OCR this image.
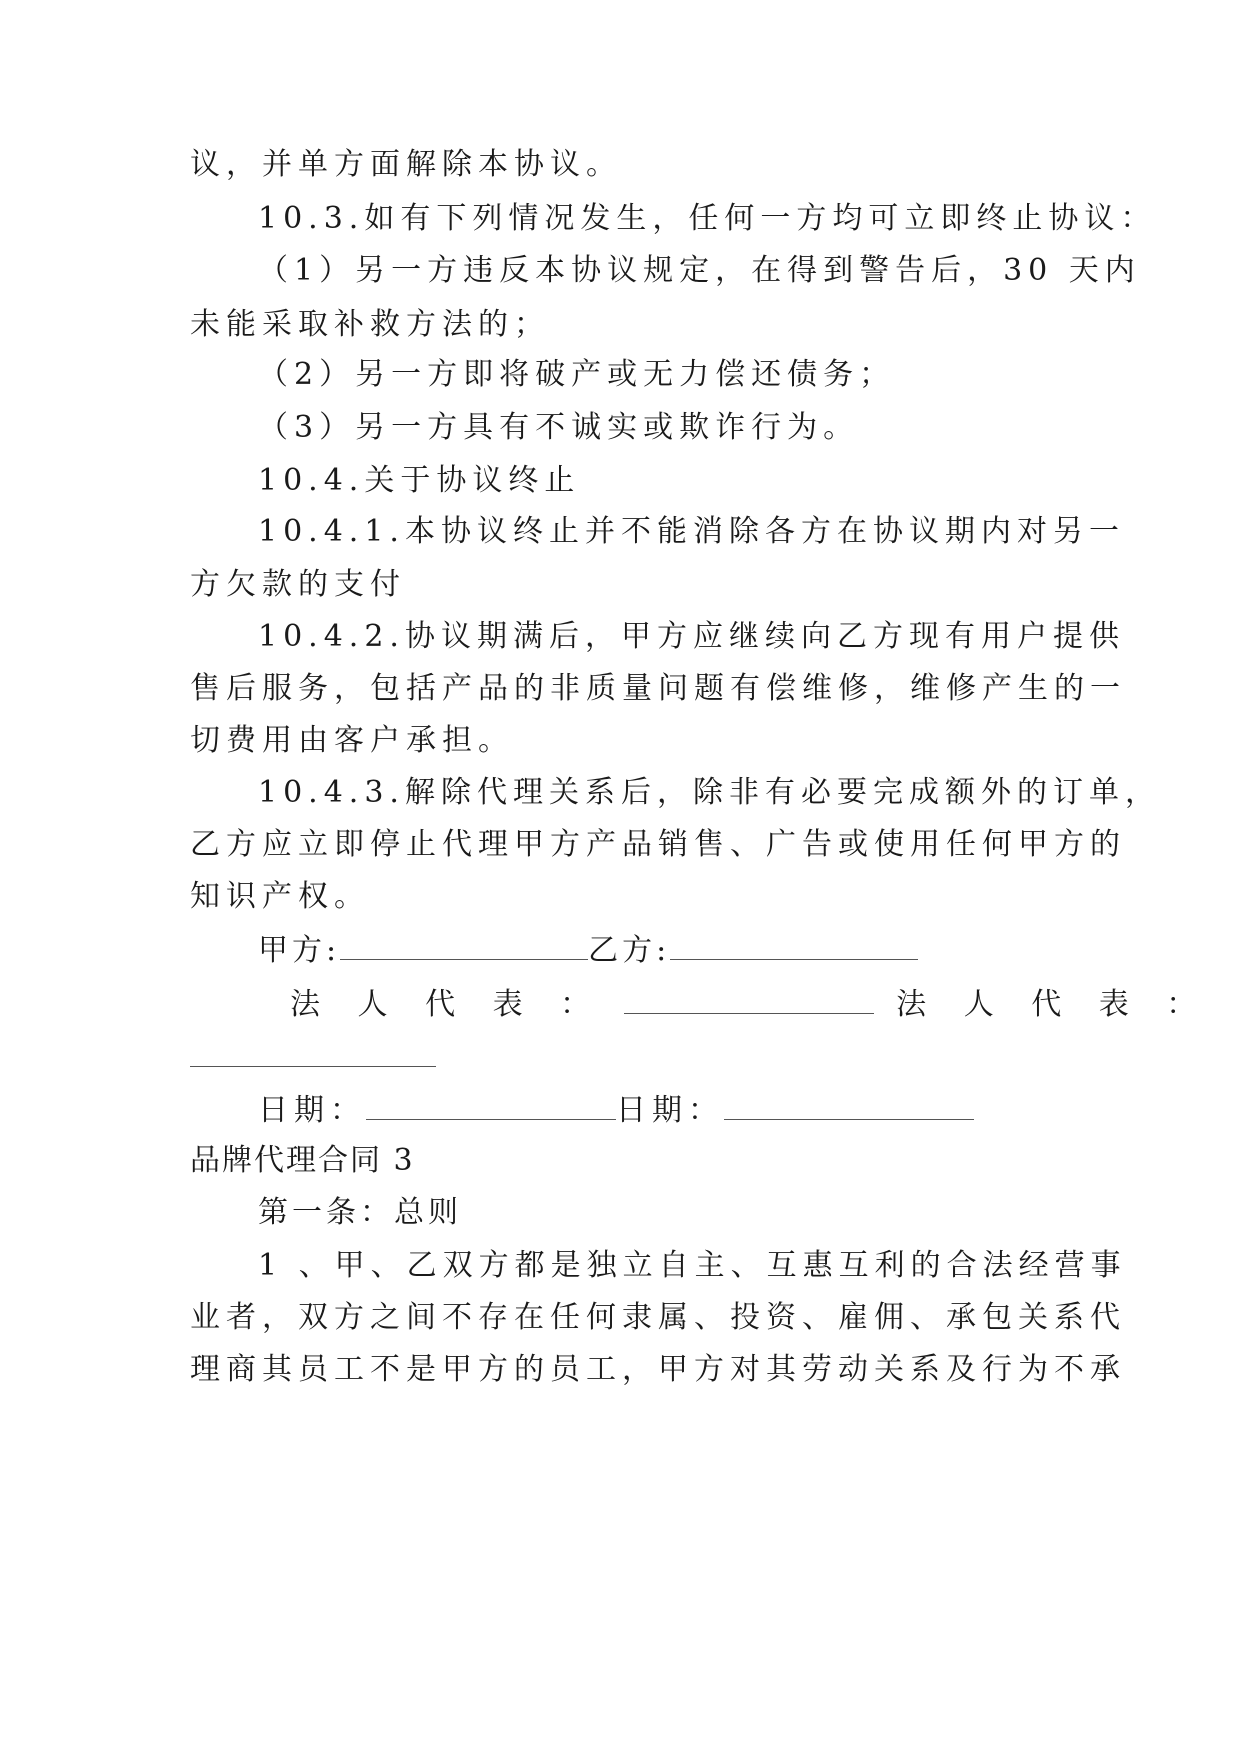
议，并单方面解除本协议。
10.3.如有下列情况发生，任何一方均可立即终止协议：
（1）另一方违反本协议规定，在得到警告后，30 天内
未能采取补救方法的；
（2）另一方即将破产或无力偿还债务；
（3）另一方具有不诚实或欺诈行为。
10.4.关于协议终止
10.4.1.本协议终止并不能消除各方在协议期内对另一
方欠款的支付
10.4.2.协议期满后，甲方应继续向乙方现有用户提供
售后服务，包括产品的非质量问题有偿维修，维修产生的一
切费用由客户承担。
10.4.3.解除代理关系后，除非有必要完成额外的订单，
乙方应立即停止代理甲方产品销售、广告或使用任何甲方的
知识产权。
甲方:	乙方:
法 人 代 表 ：	法 人 代 表 ：
日期：	日期：
品牌代理合同 3
第一条：总则
1 、甲、乙双方都是独立自主、互惠互利的合法经营事
业者，双方之间不存在任何隶属、投资、雇佣、承包关系代
理商其员工不是甲方的员工，甲方对其劳动关系及行为不承
